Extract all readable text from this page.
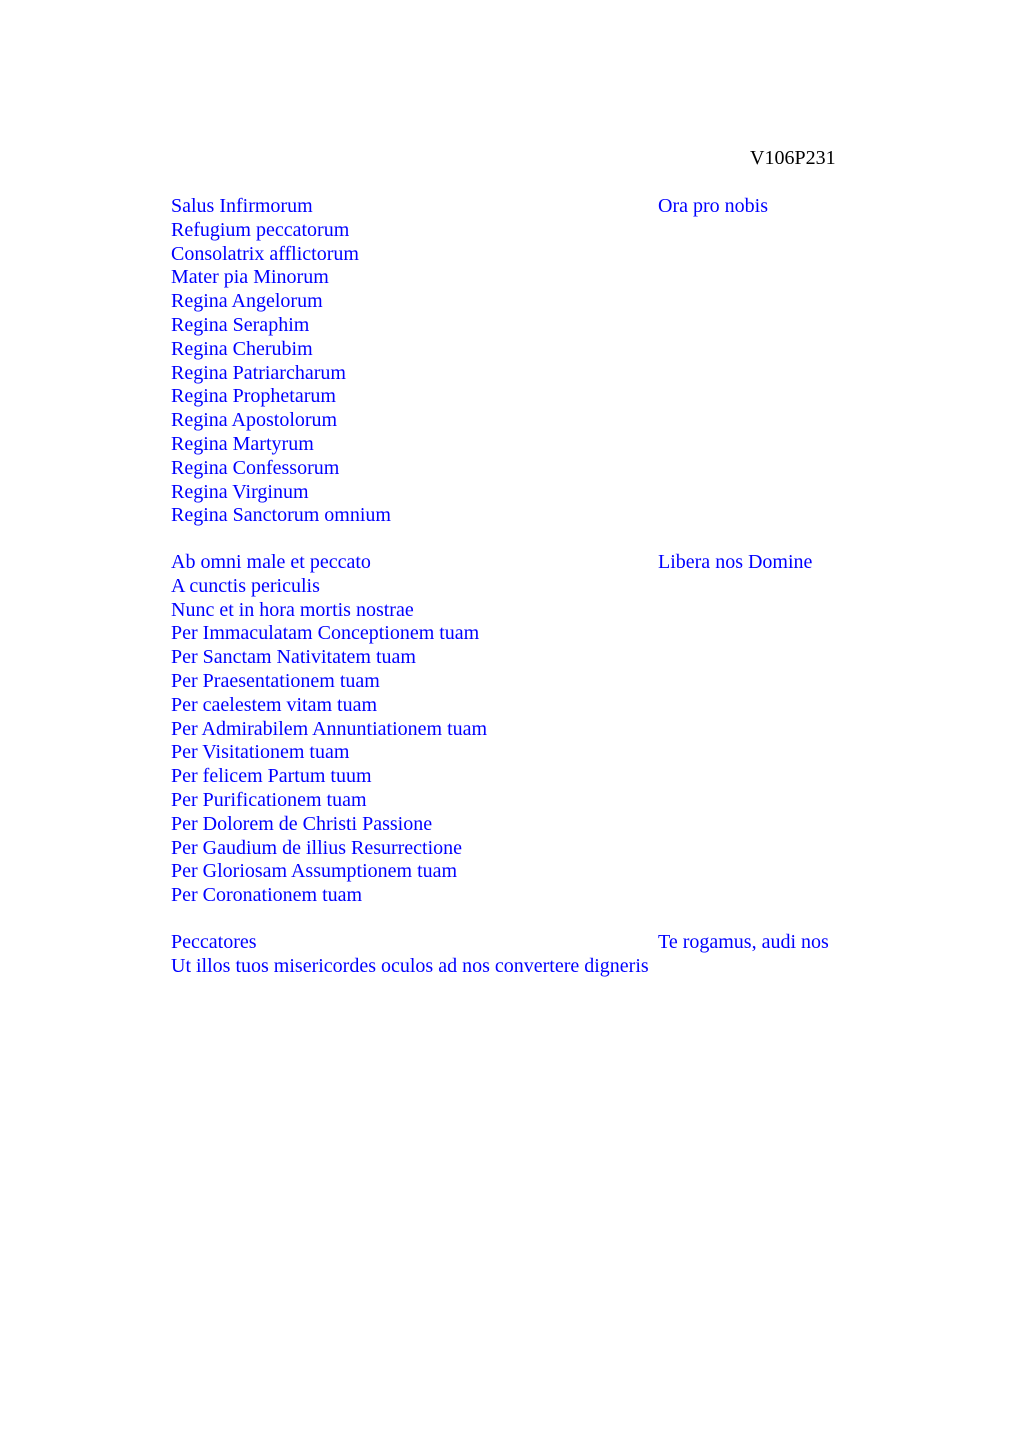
V106P231
Ora pro nobis
Salus Infirmorum
Refugium peccatorum
Consolatrix afflictorum
Mater pia Minorum
Regina Angelorum
Regina Seraphim
Regina Cherubim
Regina Patriarcharum
Regina Prophetarum
Regina Apostolorum
Regina Martyrum
Regina Confessorum
Regina Virginum
Regina Sanctorum omnium
Libera nos Domine
Ab omni male et peccato
A cunctis periculis
Nunc et in hora mortis nostrae
Per Immaculatam Conceptionem tuam
Per Sanctam Nativitatem tuam
Per Praesentationem tuam
Per caelestem vitam tuam
Per Admirabilem Annuntiationem tuam
Per Visitationem tuam
Per felicem Partum tuum
Per Purificationem tuam
Per Dolorem de Christi Passione
Per Gaudium de illius Resurrectione
Per Gloriosam Assumptionem tuam
Per Coronationem tuam
Te rogamus, audi nos
Peccatores
Ut illos tuos misericordes oculos ad nos convertere digneris
